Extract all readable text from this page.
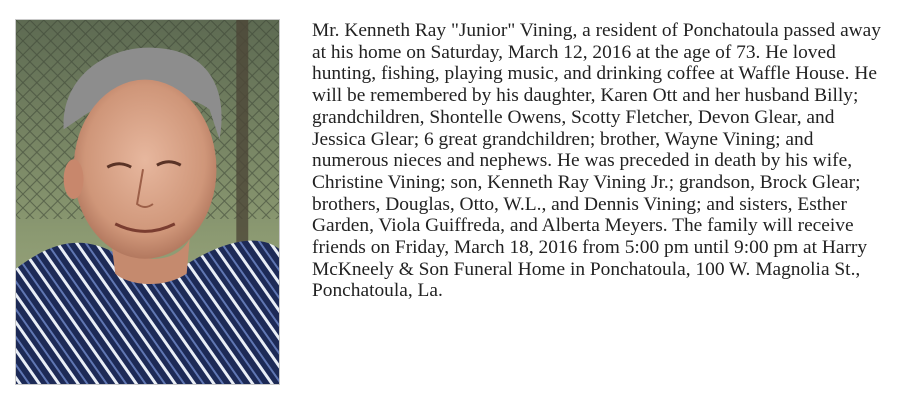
Mr. Kenneth Ray "Junior" Vining, a resident of Ponchatoula passed away at his home on Saturday, March 12, 2016 at the age of 73. He loved hunting, fishing, playing music, and drinking coffee at Waffle House. He will be remembered by his daughter, Karen Ott and her husband Billy; grandchildren, Shontelle Owens, Scotty Fletcher, Devon Glear, and Jessica Glear; 6 great grandchildren; brother, Wayne Vining; and numerous nieces and nephews. He was preceded in death by his wife, Christine Vining; son, Kenneth Ray Vining Jr.; grandson, Brock Glear; brothers, Douglas, Otto, W.L., and Dennis Vining; and sisters, Esther Garden, Viola Guiffreda, and Alberta Meyers. The family will receive friends on Friday, March 18, 2016 from 5:00 pm until 9:00 pm at Harry McKneely & Son Funeral Home in Ponchatoula, 100 W. Magnolia St., Ponchatoula, La.
